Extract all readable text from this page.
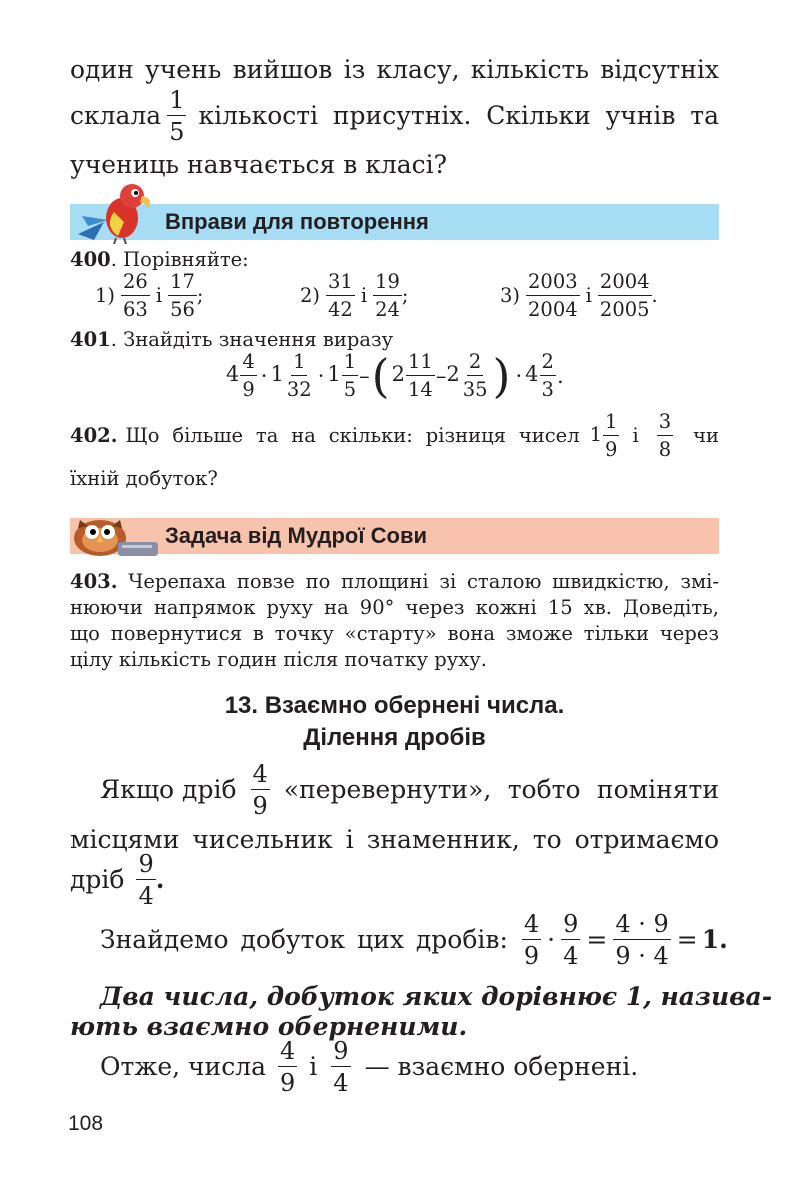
один учень вийшов із класу, кількість відсутніх
склала $\frac{1}{5}$ кількості присутніх. Скільки учнів та
учениць навчається в класі?
Вправи для повторення
400. Порівняйте:
$1) \frac{26}{63}$ і $\frac{17}{56}$ ;	$2) \frac{31}{42}$ і $\frac{19}{24}$ ;	$3) \frac{2003}{2004}$ і $\frac{2004}{2005}$ .
401. Знайдіть значення виразу
$4 \frac{4}{9} \cdot 1 \frac{1}{32} \cdot 1 \frac{1}{5}$ – ( $2 \frac{11}{14} - 2 \frac{2}{35}$ ) · $4 \frac{2}{3}$ .
402. Що більше та на скільки: різниця чисел $1 \frac{1}{9}$ і $\frac{3}{8}$ чи
їхній добуток?
Задача від Мудрої Сови
403. Черепаха повзе по площині зі сталою швидкістю, змі-
нюючи напрямок руху на 90° через кожні 15 хв. Доведіть,
що повернутися в точку «старту» вона зможе тільки через
цілу кількість годин після початку руху.
13. Взаємно обернені числа.
Ділення дробів
Якщо дріб $\frac{4}{9}$ «перевернути», тобто поміняти
місцями чисельник і знаменник, то отримаємо
дріб $\frac{9}{4}$ .
Знайдемо добуток цих дробів: $\frac{4}{9} \cdot \frac{9}{4} = \frac{4 \cdot 9}{9 \cdot 4} = 1$.
Два числа, добуток яких дорівнює 1, називa-
ють взаємно оберненими.
Отже, числа $\frac{4}{9}$ і $\frac{9}{4}$ — взаємно обернені.
108
